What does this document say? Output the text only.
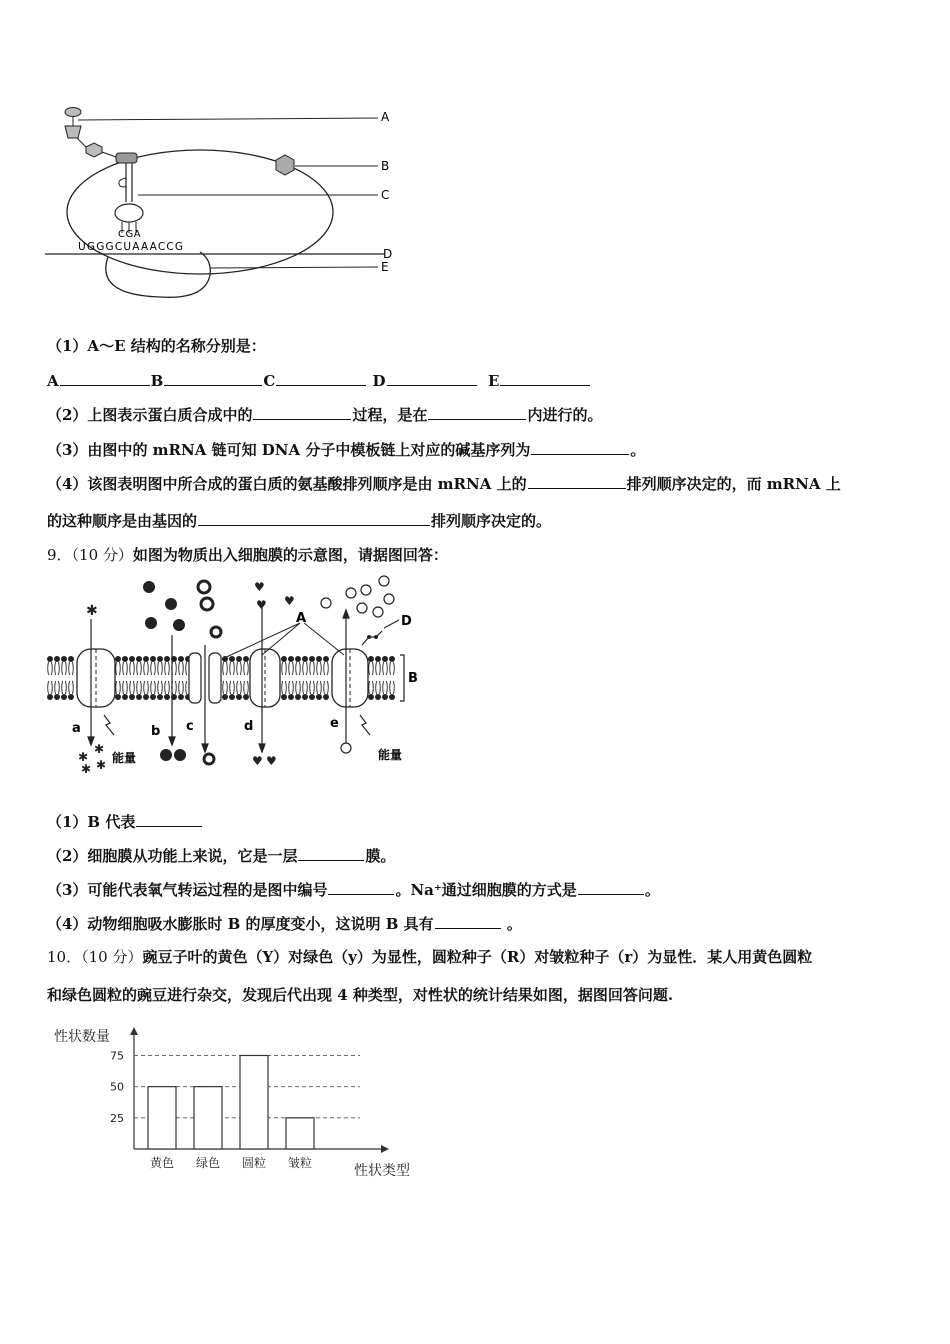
CGA
UGGGCUAAACCG
A
B
C
D
E
（1）A～E 结构的名称分别是：
A	B	C	D	E
（2）上图表示蛋白质合成中的	过程，是在	内进行的。
（3）由图中的 mRNA 链可知 DNA 分子中模板链上对应的碱基序列为	。
（4）该图表明图中所合成的蛋白质的氨基酸排列顺序是由 mRNA 上的	排列顺序决定的，而 mRNA 上
的这种顺序是由基因的	排列顺序决定的。
9．（10 分）如图为物质出入细胞膜的示意图，请据图回答：
✱
♥
♥ ♥
✱
✱
✱ ✱	♥ ♥
a	b c	d	e
A
B
D
能量	能量
（1）B 代表
（2）细胞膜从功能上来说，它是一层	膜。
（3）可能代表氧气转运过程的是图中编号	。Na⁺通过细胞膜的方式是	。
（4）动物细胞吸水膨胀时 B 的厚度变小，这说明 B 具有	。
10．（10 分）豌豆子叶的黄色（Y）对绿色（y）为显性，圆粒种子（R）对皱粒种子（r）为显性．某人用黄色圆粒
和绿色圆粒的豌豆进行杂交，发现后代出现 4 种类型，对性状的统计结果如图，据图回答问题.
25
50
75
黄色 绿色 圆粒 皱粒
性状数量
性状类型
